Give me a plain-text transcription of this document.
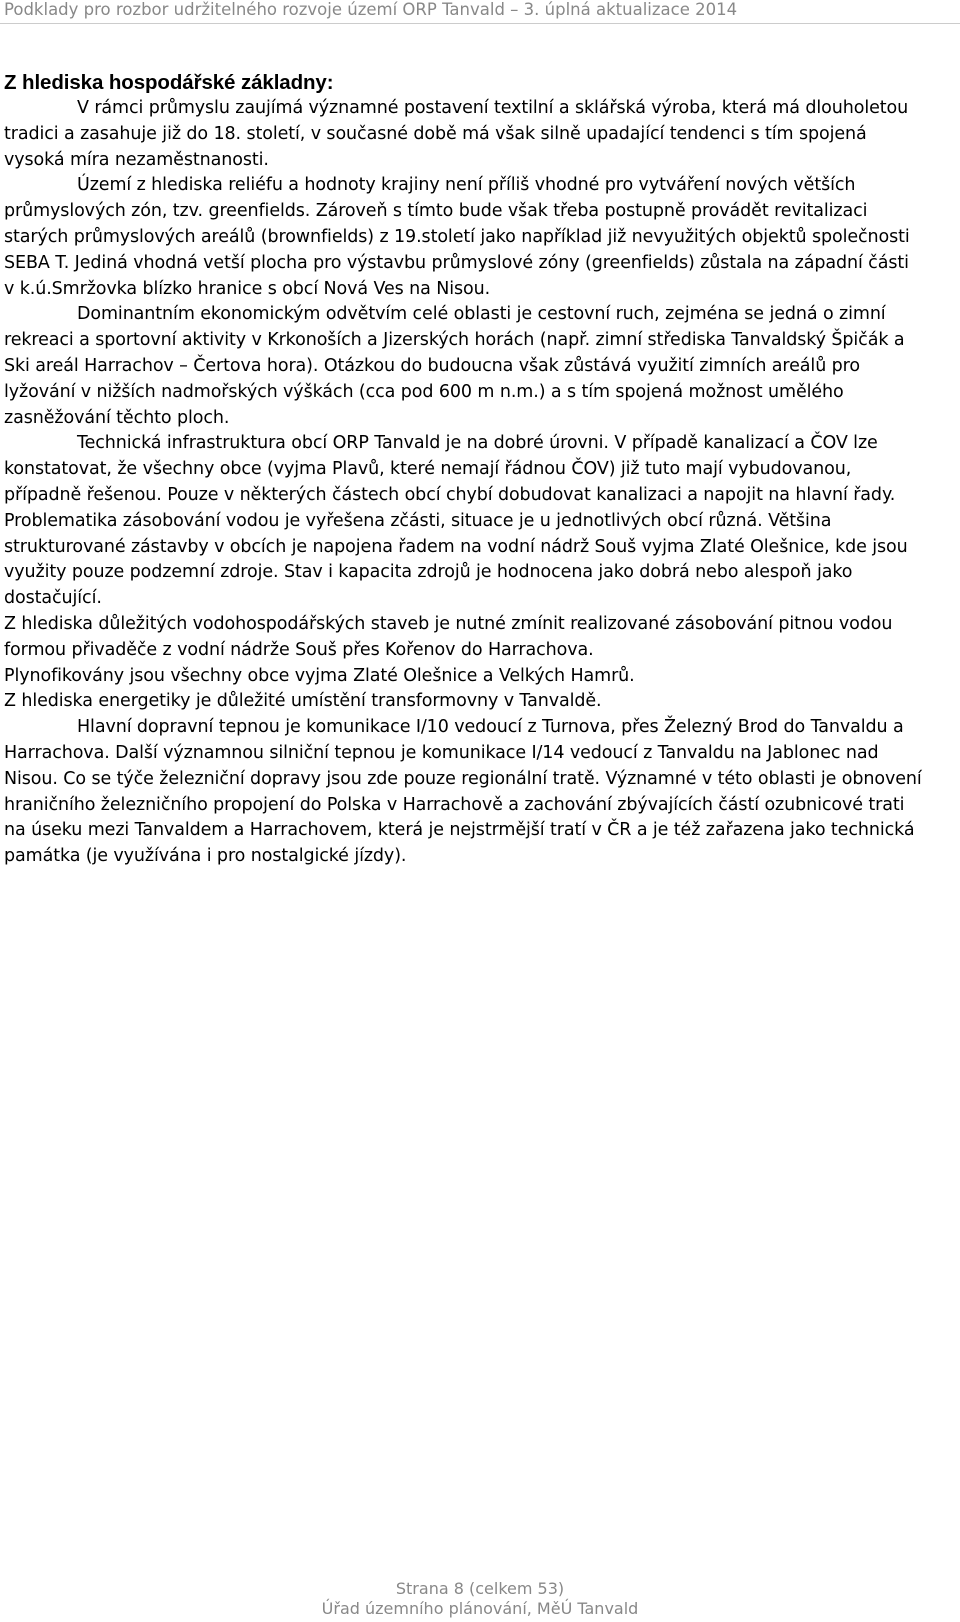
Podklady pro rozbor udržitelného rozvoje území ORP Tanvald – 3. úplná aktualizace 2014
Z hlediska hospodářské základny:

V rámci průmyslu zaujímá významné postavení textilní a sklářská výroba, která má dlouholetou tradici a zasahuje již do 18. století, v současné době má však silně upadající tendenci s tím spojená vysoká míra nezaměstnanosti.

Území z hlediska reliéfu a hodnoty krajiny není příliš vhodné pro vytváření nových větších průmyslových zón, tzv. greenfields. Zároveň s tímto bude však třeba postupně provádět revitalizaci starých průmyslových areálů (brownfields) z 19.století jako například již nevyužitých objektů společnosti SEBA T. Jediná vhodná vetší plocha pro výstavbu průmyslové zóny (greenfields) zůstala na západní části v k.ú.Smržovka blízko hranice s obcí Nová Ves na Nisou.

Dominantním ekonomickým odvětvím celé oblasti je cestovní ruch, zejména se jedná o zimní rekreaci a sportovní aktivity v Krkonoších a Jizerských horách (např. zimní střediska Tanvaldský Špičák a Ski areál Harrachov – Čertova hora). Otázkou do budoucna však zůstává využití zimních areálů pro lyžování v nižších nadmořských výškách (cca pod 600 m n.m.) a s tím spojená možnost umělého zasněžování těchto ploch.

Technická infrastruktura obcí ORP Tanvald je na dobré úrovni. V případě kanalizací a ČOV lze konstatovat, že všechny obce (vyjma Plavů, které nemají řádnou ČOV) již tuto mají vybudovanou, případně řešenou. Pouze v některých částech obcí chybí dobudovat kanalizaci a napojit na hlavní řady. Problematika zásobování vodou je vyřešena zčásti, situace je u jednotlivých obcí různá. Většina strukturované zástavby v obcích je napojena řadem na vodní nádrž Souš vyjma Zlaté Olešnice, kde jsou využity pouze podzemní zdroje. Stav i kapacita zdrojů je hodnocena jako dobrá nebo alespoň jako dostačující.

Z hlediska důležitých vodohospodářských staveb je nutné zmínit realizované zásobování pitnou vodou formou přivaděče z vodní nádrže Souš přes Kořenov do Harrachova.

Plynofikovány jsou všechny obce vyjma Zlaté Olešnice a Velkých Hamrů.

Z hlediska energetiky je důležité umístění transformovny v Tanvaldě.

Hlavní dopravní tepnou je komunikace I/10 vedoucí z Turnova, přes Železný Brod do Tanvaldu a Harrachova. Další významnou silniční tepnou je komunikace I/14 vedoucí z Tanvaldu na Jablonec nad Nisou. Co se týče železniční dopravy jsou zde pouze regionální tratě. Významné v této oblasti je obnovení hraničního železničního propojení do Polska v Harrachově a zachování zbývajících částí ozubnicové trati na úseku mezi Tanvaldem a Harrachovem, která je nejstrmější tratí v ČR a je též zařazena jako technická památka (je využívána i pro nostalgické jízdy).

Strana 8 (celkem 53)
Úřad územního plánování, MěÚ Tanvald
